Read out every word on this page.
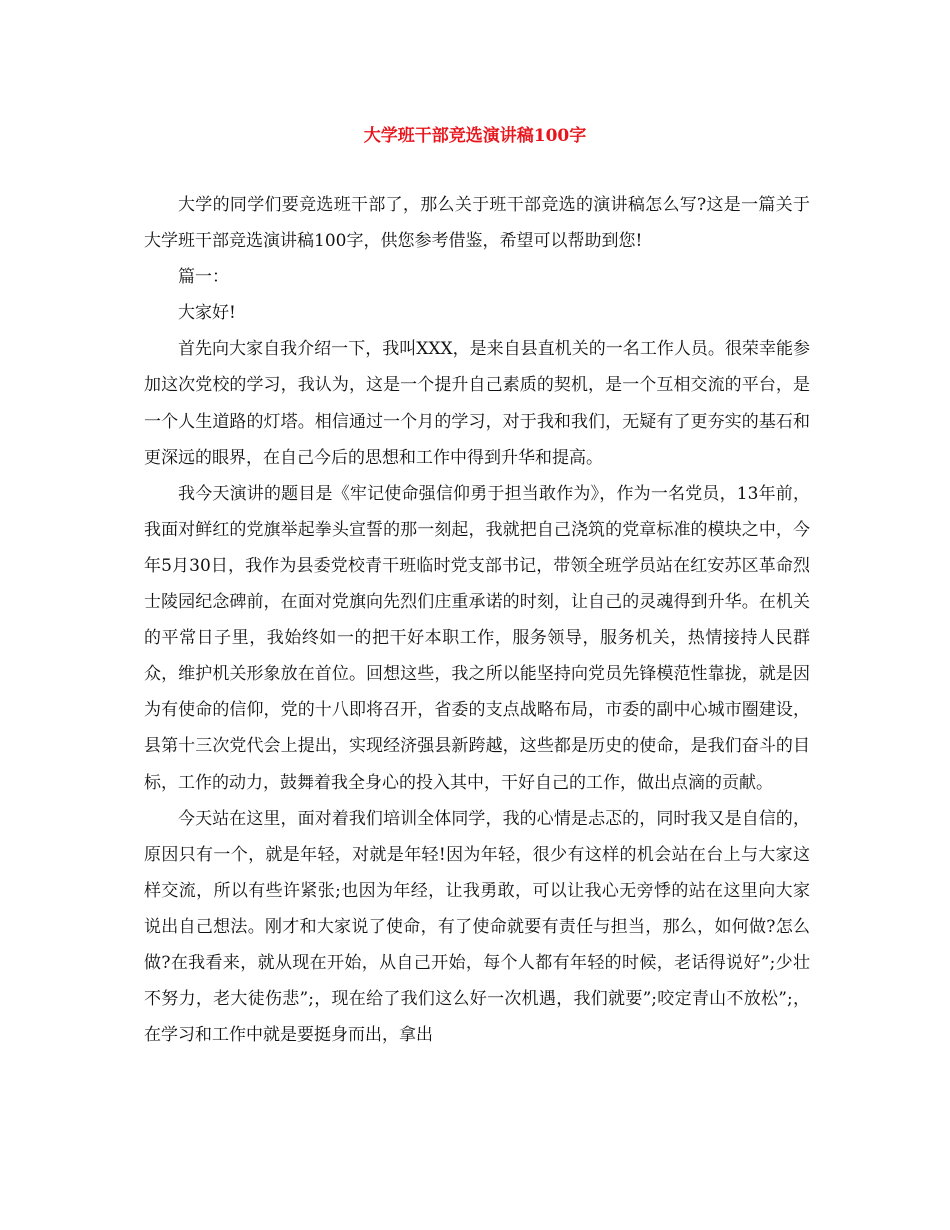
大学班干部竞选演讲稿100字

大学的同学们要竞选班干部了，那么关于班干部竞选的演讲稿怎么写?这是一篇关于大学班干部竞选演讲稿100字，供您参考借鉴，希望可以帮助到您!

篇一：

大家好!

首先向大家自我介绍一下，我叫XXX，是来自县直机关的一名工作人员。很荣幸能参加这次党校的学习，我认为，这是一个提升自己素质的契机，是一个互相交流的平台，是一个人生道路的灯塔。相信通过一个月的学习，对于我和我们，无疑有了更夯实的基石和更深远的眼界，在自己今后的思想和工作中得到升华和提高。

我今天演讲的题目是《牢记使命强信仰勇于担当敢作为》，作为一名党员，13年前，我面对鲜红的党旗举起拳头宣誓的那一刻起，我就把自己浇筑的党章标准的模块之中，今年5月30日，我作为县委党校青干班临时党支部书记，带领全班学员站在红安苏区革命烈士陵园纪念碑前，在面对党旗向先烈们庄重承诺的时刻，让自己的灵魂得到升华。在机关的平常日子里，我始终如一的把干好本职工作，服务领导，服务机关，热情接持人民群众，维护机关形象放在首位。回想这些，我之所以能坚持向党员先锋模范性靠拢，就是因为有使命的信仰，党的十八即将召开，省委的支点战略布局，市委的副中心城市圈建设，县第十三次党代会上提出，实现经济强县新跨越，这些都是历史的使命，是我们奋斗的目标，工作的动力，鼓舞着我全身心的投入其中，干好自己的工作，做出点滴的贡献。

今天站在这里，面对着我们培训全体同学，我的心情是忐忑的，同时我又是自信的，原因只有一个，就是年轻，对就是年轻!因为年轻，很少有这样的机会站在台上与大家这样交流，所以有些许紧张;也因为年经，让我勇敢，可以让我心无旁悸的站在这里向大家说出自己想法。刚才和大家说了使命，有了使命就要有责任与担当，那么，如何做?怎么做?在我看来，就从现在开始，从自己开始，每个人都有年轻的时候，老话得说好”;少壮不努力，老大徒伤悲”;，现在给了我们这么好一次机遇，我们就要”;咬定青山不放松”;，在学习和工作中就是要挺身而出，拿出
